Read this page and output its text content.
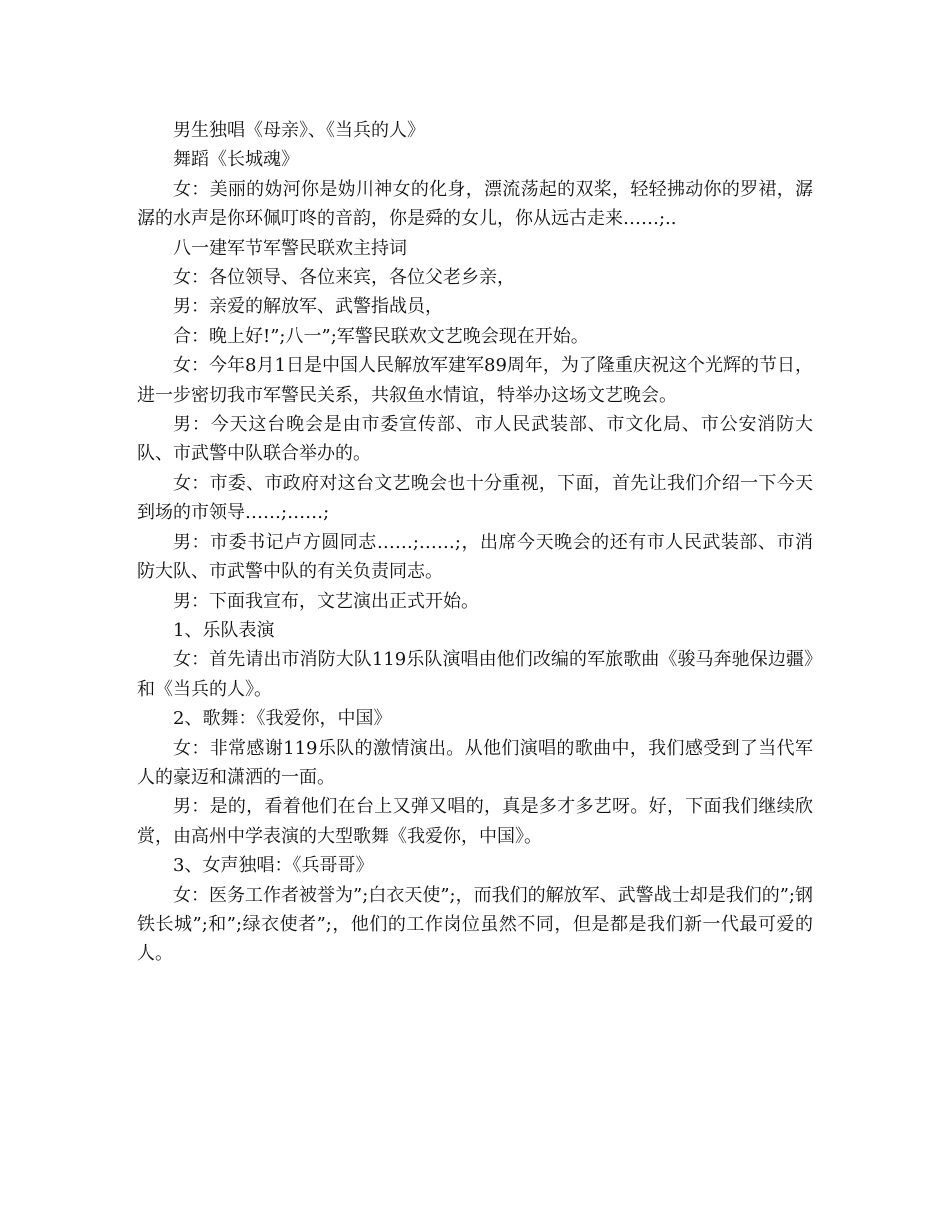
男生独唱《母亲》、《当兵的人》

舞蹈《长城魂》

女：美丽的妫河你是妫川神女的化身，漂流荡起的双桨，轻轻拂动你的罗裙，潺潺的水声是你环佩叮咚的音韵，你是舜的女儿，你从远古走来……;..

八一建军节军警民联欢主持词

女：各位领导、各位来宾，各位父老乡亲，

男：亲爱的解放军、武警指战员，

合：晚上好!”;八一”;军警民联欢文艺晚会现在开始。

女：今年8月1日是中国人民解放军建军89周年，为了隆重庆祝这个光辉的节日，进一步密切我市军警民关系，共叙鱼水情谊，特举办这场文艺晚会。

男：今天这台晚会是由市委宣传部、市人民武装部、市文化局、市公安消防大队、市武警中队联合举办的。

女：市委、市政府对这台文艺晚会也十分重视，下面，首先让我们介绍一下今天到场的市领导……;……;

男：市委书记卢方圆同志……;……;，出席今天晚会的还有市人民武装部、市消防大队、市武警中队的有关负责同志。

男：下面我宣布，文艺演出正式开始。

1、乐队表演

女：首先请出市消防大队119乐队演唱由他们改编的军旅歌曲《骏马奔驰保边疆》和《当兵的人》。

2、歌舞：《我爱你，中国》

女：非常感谢119乐队的激情演出。从他们演唱的歌曲中，我们感受到了当代军人的豪迈和潇洒的一面。

男：是的，看着他们在台上又弹又唱的，真是多才多艺呀。好，下面我们继续欣赏，由高州中学表演的大型歌舞《我爱你，中国》。

3、女声独唱：《兵哥哥》

女：医务工作者被誉为”;白衣天使”;，而我们的解放军、武警战士却是我们的”;钢铁长城”;和”;绿衣使者”;，他们的工作岗位虽然不同，但是都是我们新一代最可爱的人。
